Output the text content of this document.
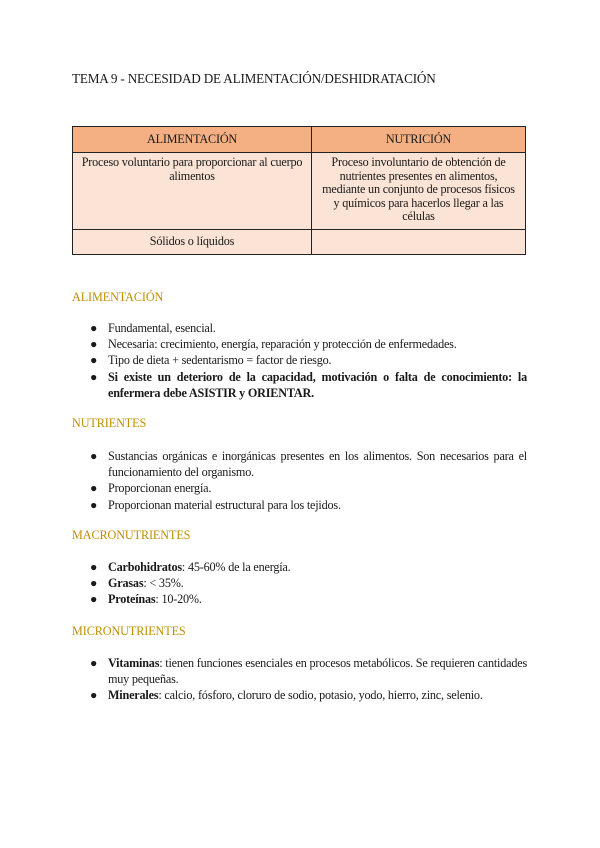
TEMA 9 - NECESIDAD DE ALIMENTACIÓN/DESHIDRATACIÓN
ALIMENTACIÓN	NUTRICIÓN
Proceso voluntario para proporcionar al cuerpo alimentos	Proceso involuntario de obtención de nutrientes presentes en alimentos, mediante un conjunto de procesos físicos y químicos para hacerlos llegar a las células
Sólidos o líquidos	
ALIMENTACIÓN
● Fundamental, esencial.
● Necesaria: crecimiento, energía, reparación y protección de enfermedades.
● Tipo de dieta + sedentarismo = factor de riesgo.
● Si existe un deterioro de la capacidad, motivación o falta de conocimiento: la enfermera debe ASISTIR y ORIENTAR.
NUTRIENTES
● Sustancias orgánicas e inorgánicas presentes en los alimentos. Son necesarios para el funcionamiento del organismo.
● Proporcionan energía.
● Proporcionan material estructural para los tejidos.
MACRONUTRIENTES
● Carbohidratos: 45-60% de la energía.
● Grasas: < 35%.
● Proteínas: 10-20%.
MICRONUTRIENTES
● Vitaminas: tienen funciones esenciales en procesos metabólicos. Se requieren cantidades muy pequeñas.
● Minerales: calcio, fósforo, cloruro de sodio, potasio, yodo, hierro, zinc, selenio.
